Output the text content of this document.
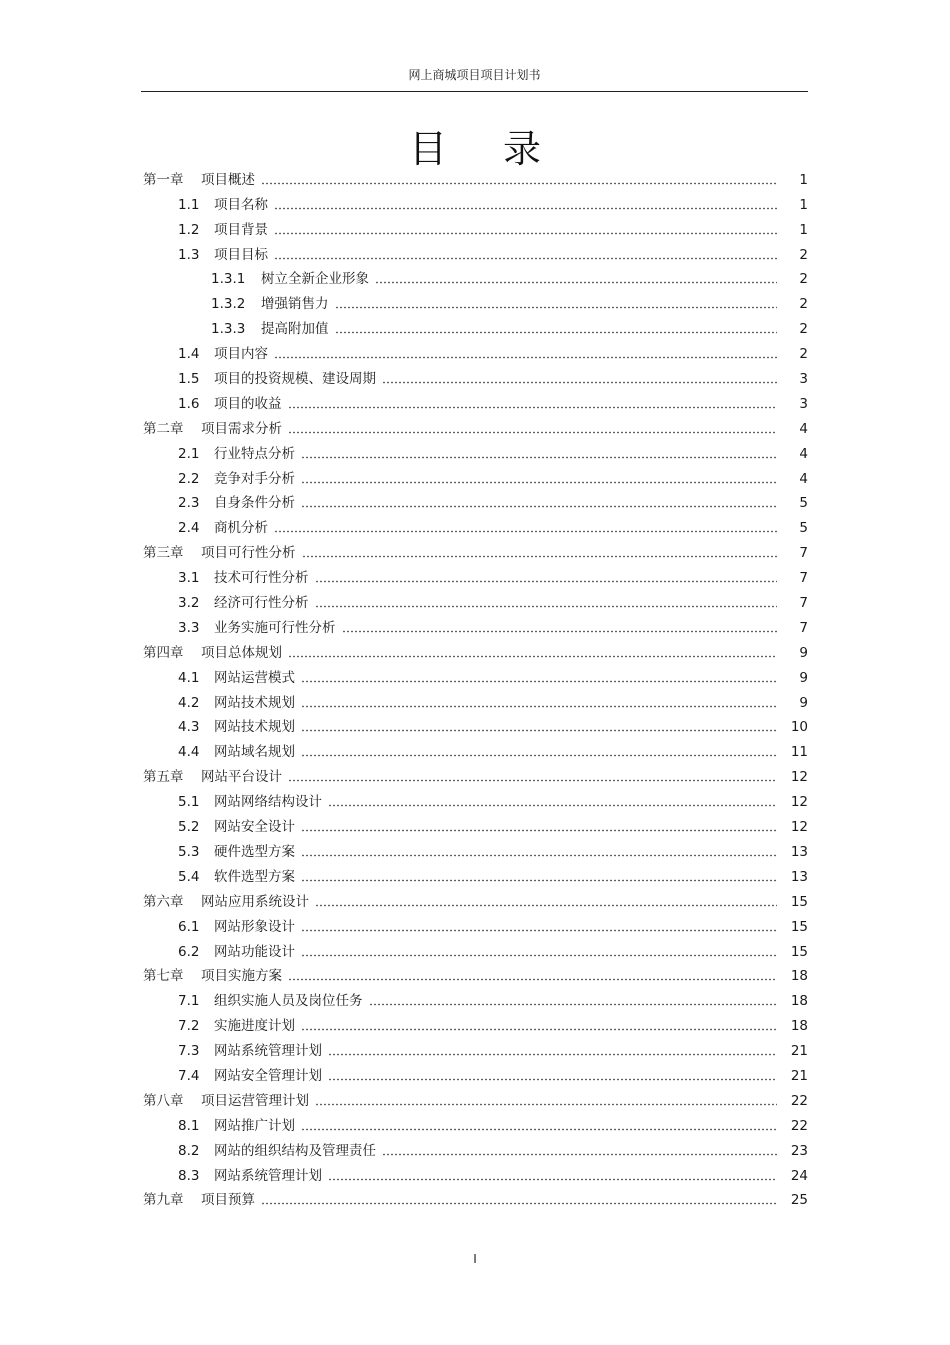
网上商城项目项目计划书
目 录
第一章	项目概述	1
1.1	项目名称	1
1.2	项目背景	1
1.3	项目目标	2
1.3.1	树立全新企业形象	2
1.3.2	增强销售力	2
1.3.3	提高附加值	2
1.4	项目内容	2
1.5	项目的投资规模、建设周期	3
1.6	项目的收益	3
第二章	项目需求分析	4
2.1	行业特点分析	4
2.2	竞争对手分析	4
2.3	自身条件分析	5
2.4	商机分析	5
第三章	项目可行性分析	7
3.1	技术可行性分析	7
3.2	经济可行性分析	7
3.3	业务实施可行性分析	7
第四章	项目总体规划	9
4.1	网站运营模式	9
4.2	网站技术规划	9
4.3	网站技术规划	10
4.4	网站域名规划	11
第五章	网站平台设计	12
5.1	网站网络结构设计	12
5.2	网站安全设计	12
5.3	硬件选型方案	13
5.4	软件选型方案	13
第六章	网站应用系统设计	15
6.1	网站形象设计	15
6.2	网站功能设计	15
第七章	项目实施方案	18
7.1	组织实施人员及岗位任务	18
7.2	实施进度计划	18
7.3	网站系统管理计划	21
7.4	网站安全管理计划	21
第八章	项目运营管理计划	22
8.1	网站推广计划	22
8.2	网站的组织结构及管理责任	23
8.3	网站系统管理计划	24
第九章	项目预算	25
I
